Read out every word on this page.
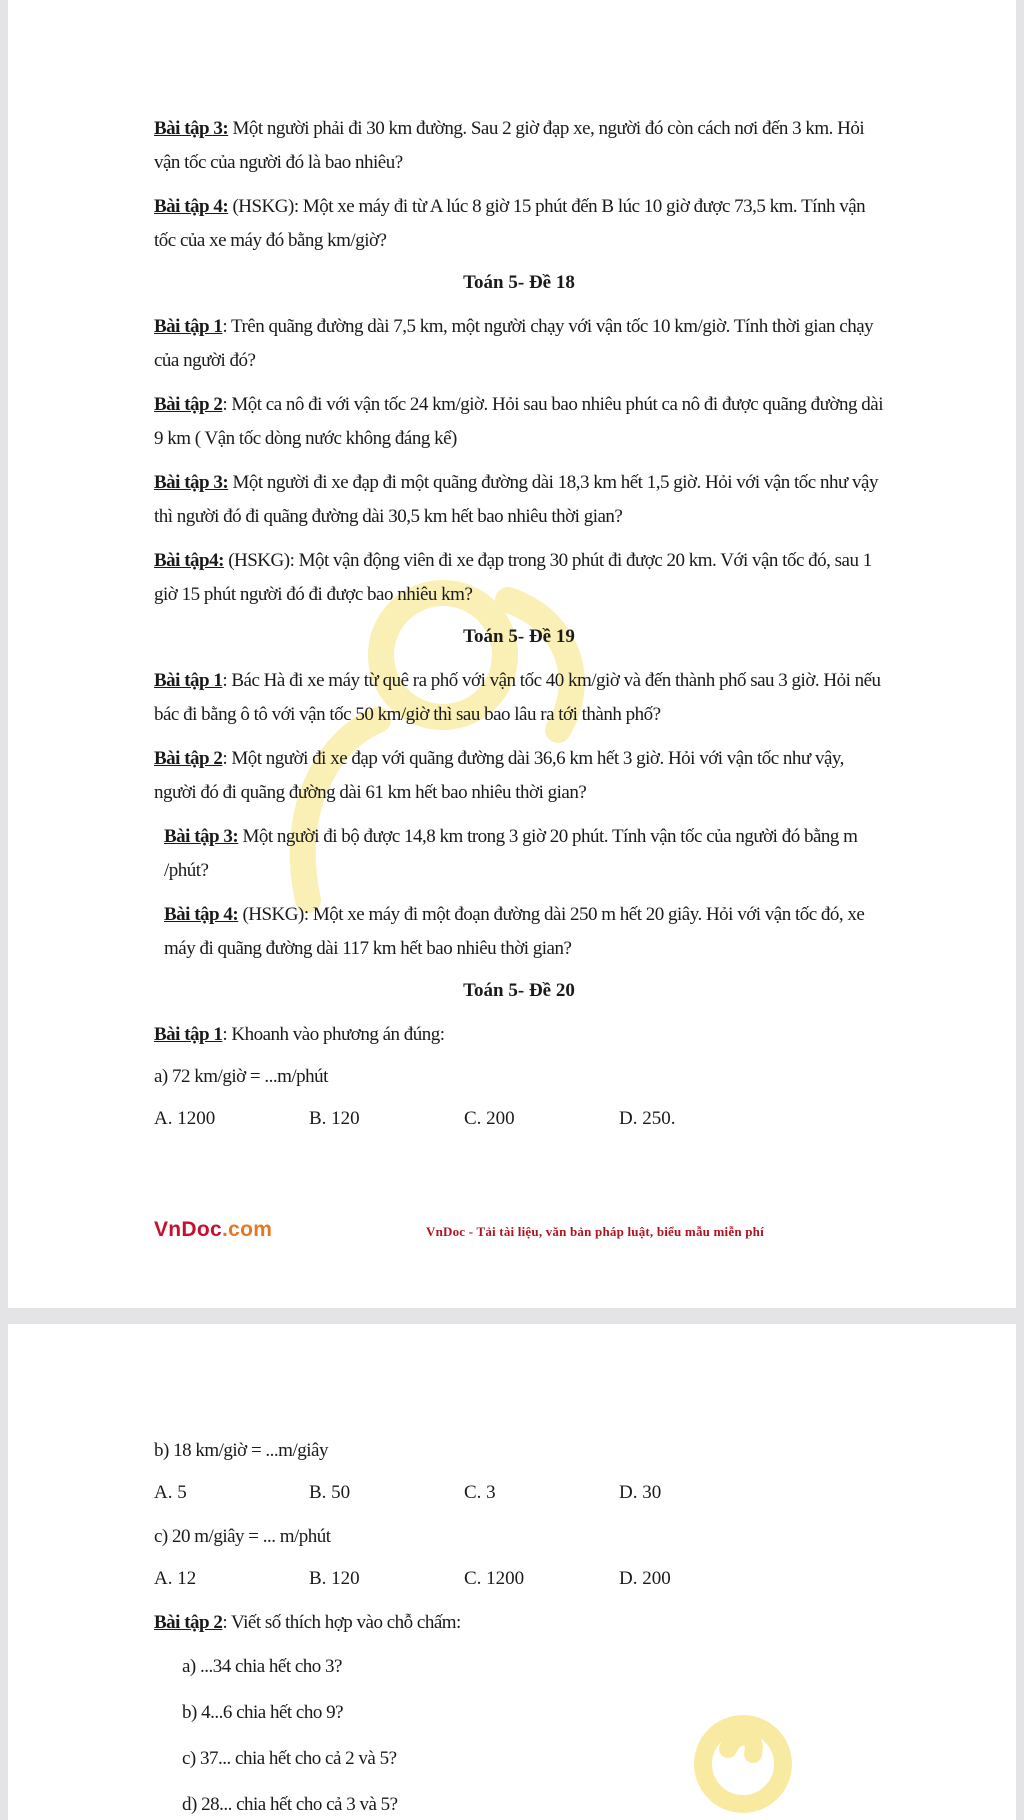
Bài tập 3: Một người phải đi 30 km đường. Sau 2 giờ đạp xe, người đó còn cách nơi đến 3 km. Hỏi vận tốc của người đó là bao nhiêu?

Bài tập 4: (HSKG): Một xe máy đi từ A lúc 8 giờ 15 phút đến B lúc 10 giờ được 73,5 km. Tính vận tốc của xe máy đó bằng km/giờ?

Toán 5- Đề 18

Bài tập 1: Trên quãng đường dài 7,5 km, một người chạy với vận tốc 10 km/giờ. Tính thời gian chạy của người đó?

Bài tập 2: Một ca nô đi với vận tốc 24 km/giờ. Hỏi sau bao nhiêu phút ca nô đi được quãng đường dài 9 km ( Vận tốc dòng nước không đáng kể)

Bài tập 3: Một người đi xe đạp đi một quãng đường dài 18,3 km hết 1,5 giờ. Hỏi với vận tốc như vậy thì người đó đi quãng đường dài 30,5 km hết bao nhiêu thời gian?

Bài tập4: (HSKG): Một vận động viên đi xe đạp trong 30 phút đi được 20 km. Với vận tốc đó, sau 1 giờ 15 phút người đó đi được bao nhiêu km?

Toán 5- Đề 19

Bài tập 1: Bác Hà đi xe máy từ quê ra phố với vận tốc 40 km/giờ và đến thành phố sau 3 giờ. Hỏi nếu bác đi bằng ô tô với vận tốc 50 km/giờ thì sau bao lâu ra tới thành phố?

Bài tập 2: Một người đi xe đạp với quãng đường dài 36,6 km hết 3 giờ. Hỏi với vận tốc như vậy, người đó đi quãng đường dài 61 km hết bao nhiêu thời gian?

Bài tập 3: Một người đi bộ được 14,8 km trong 3 giờ 20 phút. Tính vận tốc của người đó bằng m /phút?

Bài tập 4: (HSKG): Một xe máy đi một đoạn đường dài 250 m hết 20 giây. Hỏi với vận tốc đó, xe máy đi quãng đường dài 117 km hết bao nhiêu thời gian?

Toán 5- Đề 20

Bài tập 1: Khoanh vào phương án đúng:

a) 72 km/giờ = ...m/phút

A. 1200	B. 120	C. 200	D. 250.
VnDoc.com	VnDoc - Tải tài liệu, văn bản pháp luật, biểu mẫu miễn phí

b) 18 km/giờ = ...m/giây

A. 5	B. 50	C. 3	D. 30

c) 20 m/giây = ... m/phút

A. 12	B. 120	C. 1200	D. 200

Bài tập 2: Viết số thích hợp vào chỗ chấm:

a) ...34 chia hết cho 3?

b) 4...6 chia hết cho 9?

c) 37... chia hết cho cả 2 và 5?

d) 28... chia hết cho cả 3 và 5?
